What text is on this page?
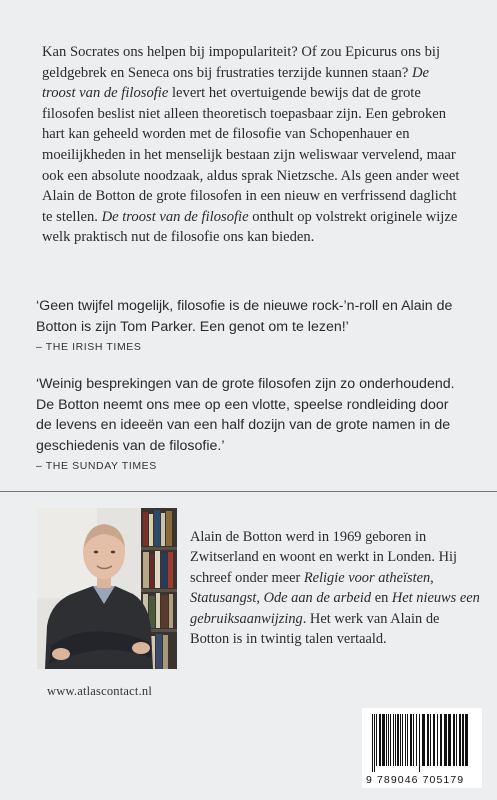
Kan Socrates ons helpen bij impopulariteit? Of zou Epicurus ons bij geldgebrek en Seneca ons bij frustraties terzijde kunnen staan? De troost van de filosofie levert het overtuigende bewijs dat de grote filosofen beslist niet alleen theoretisch toepasbaar zijn. Een gebroken hart kan geheeld worden met de filosofie van Schopenhauer en moeilijkheden in het menselijk bestaan zijn weliswaar vervelend, maar ook een absolute noodzaak, aldus sprak Nietzsche. Als geen ander weet Alain de Botton de grote filosofen in een nieuw en verfrissend daglicht te stellen. De troost van de filosofie onthult op volstrekt originele wijze welk praktisch nut de filosofie ons kan bieden.

‘Geen twijfel mogelijk, filosofie is de nieuwe rock-’n-roll en Alain de Botton is zijn Tom Parker. Een genot om te lezen!’

– THE IRISH TIMES

‘Weinig besprekingen van de grote filosofen zijn zo onderhoudend. De Botton neemt ons mee op een vlotte, speelse rondleiding door de levens en ideeën van een half dozijn van de grote namen in de geschiedenis van de filosofie.’

– THE SUNDAY TIMES

Alain de Botton werd in 1969 geboren in Zwitserland en woont en werkt in Londen. Hij schreef onder meer Religie voor atheïsten, Statusangst, Ode aan de arbeid en Het nieuws een gebruiksaanwijzing. Het werk van Alain de Botton is in twintig talen vertaald.

www.atlascontact.nl
9 789046 705179
